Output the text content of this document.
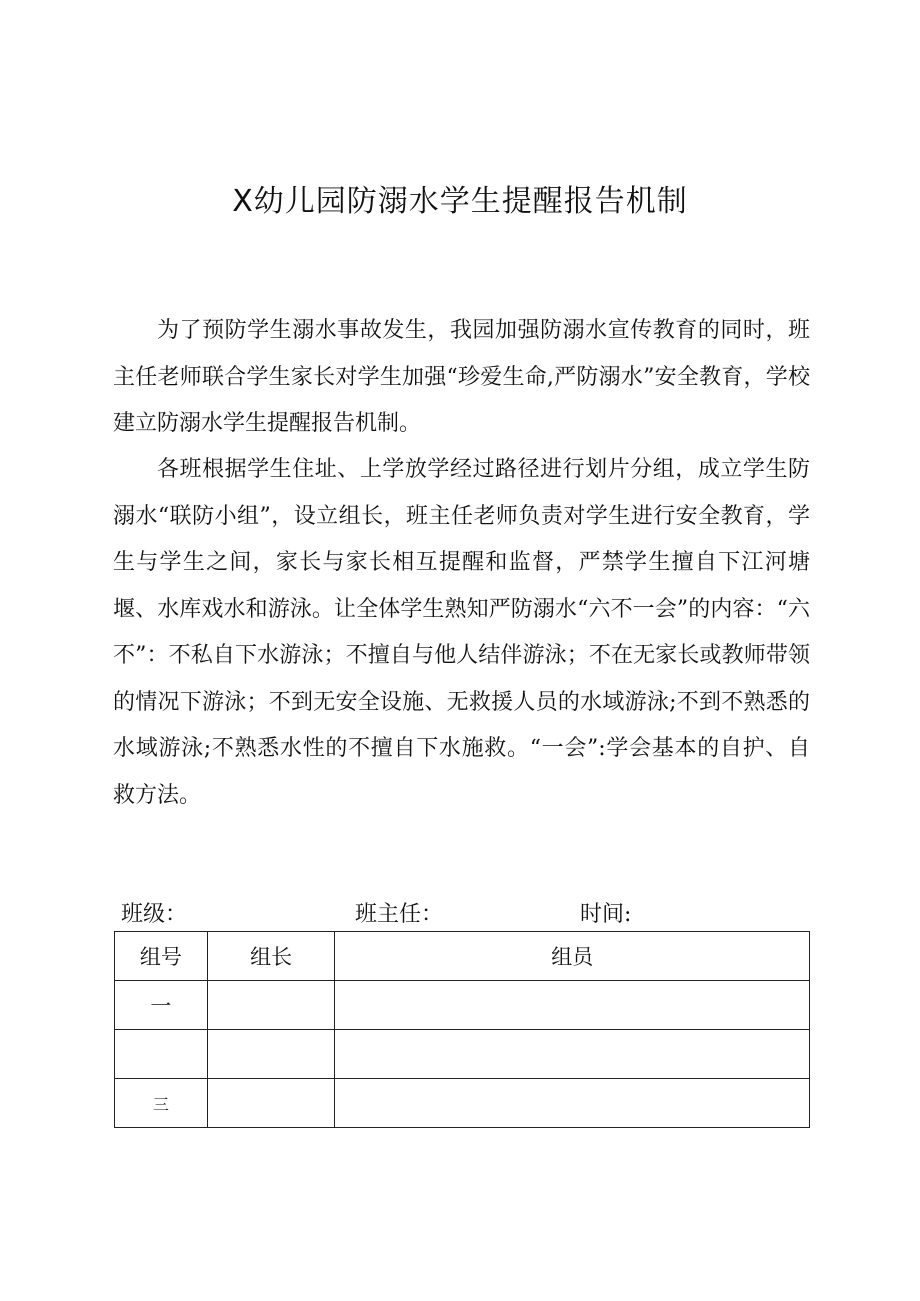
X幼儿园防溺水学生提醒报告机制

为了预防学生溺水事故发生，我园加强防溺水宣传教育的同时，班主任老师联合学生家长对学生加强“珍爱生命,严防溺水”安全教育，学校建立防溺水学生提醒报告机制。

各班根据学生住址、上学放学经过路径进行划片分组，成立学生防溺水“联防小组”，设立组长，班主任老师负责对学生进行安全教育，学生与学生之间，家长与家长相互提醒和监督，严禁学生擅自下江河塘堰、水库戏水和游泳。让全体学生熟知严防溺水“六不一会”的内容：“六不”：不私自下水游泳；不擅自与他人结伴游泳；不在无家长或教师带领的情况下游泳；不到无安全设施、无救援人员的水域游泳;不到不熟悉的水域游泳;不熟悉水性的不擅自下水施救。“一会”:学会基本的自护、自救方法。

班级：	班主任：	时间:
组号	组长	组员
一		

三		
